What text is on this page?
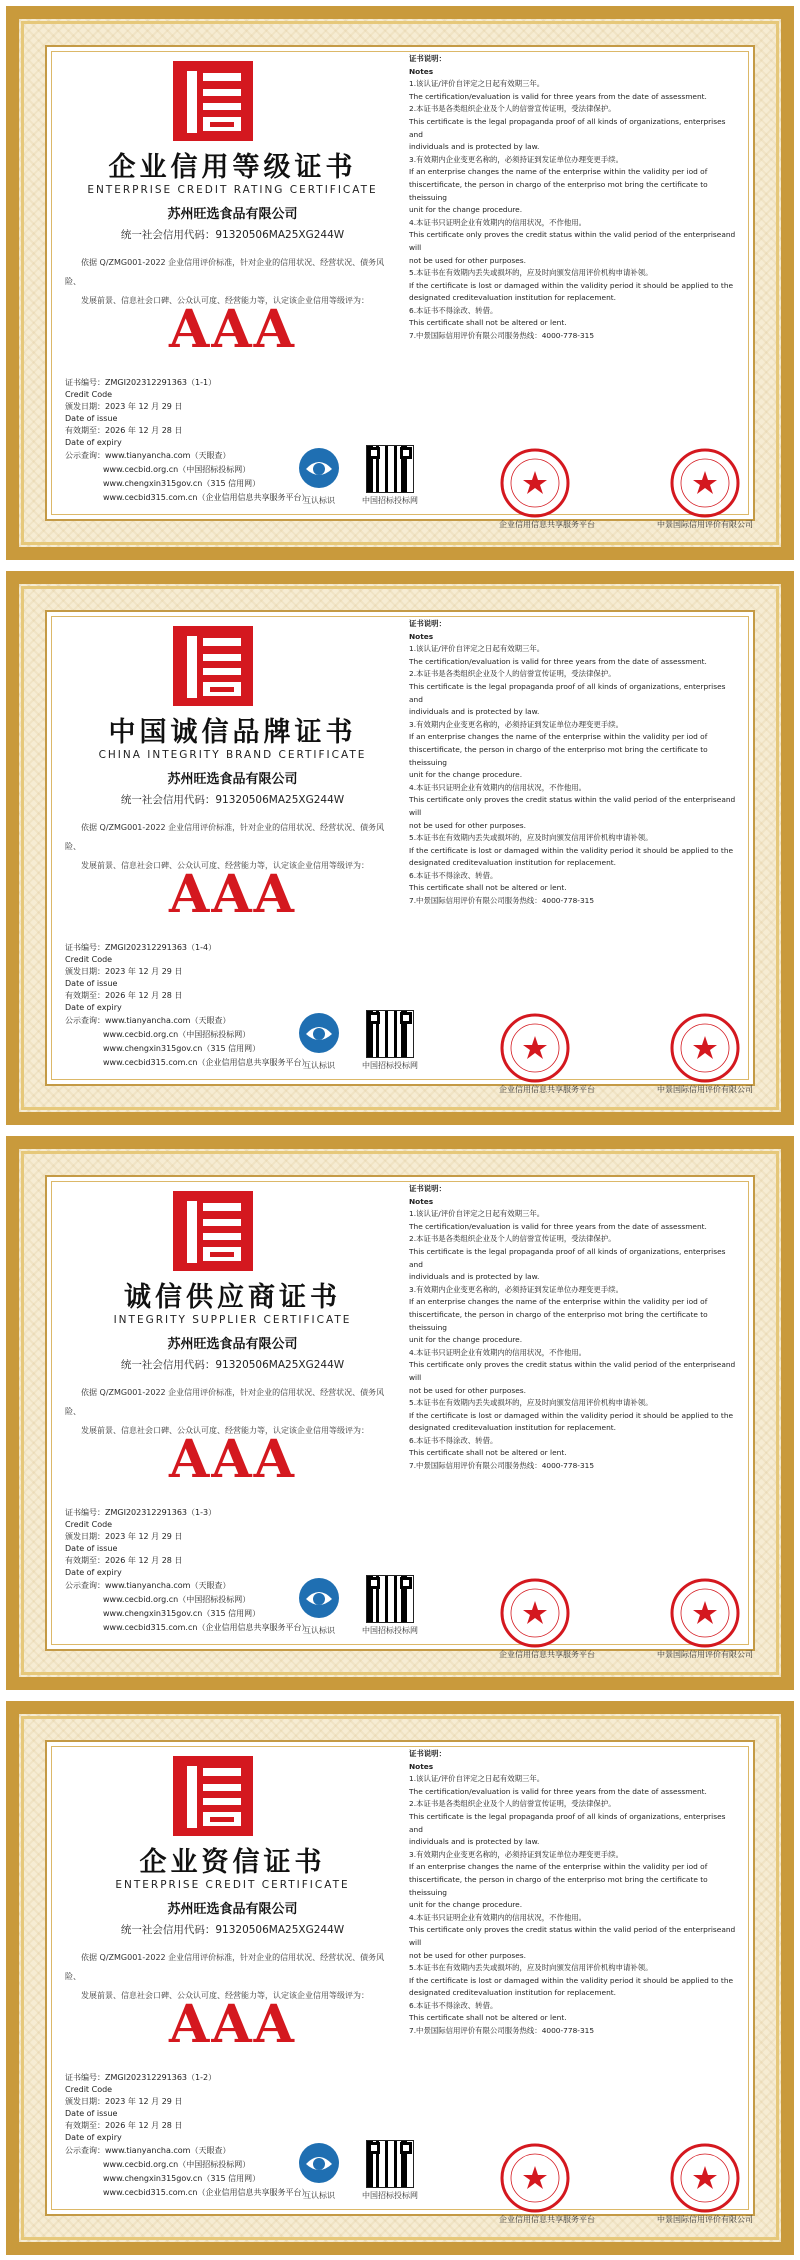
企业信用等级证书
ENTERPRISE CREDIT RATING CERTIFICATE
苏州旺选食品有限公司
统一社会信用代码：91320506MA25XG244W
依据 Q/ZMG001-2022 企业信用评价标准，针对企业的信用状况、经营状况、债务风险、
发展前景、信息社会口碑、公众认可度、经营能力等，认定该企业信用等级评为：
AAA
证书编号：ZMGI202312291363（1-1）
Credit Code
颁发日期：2023 年 12 月 29 日
Date of issue
有效期至：2026 年 12 月 28 日
Date of expiry
公示查询：www.tianyancha.com（天眼查）
www.cecbid.org.cn（中国招标投标网）
www.chengxin315gov.cn（315 信用网）
www.cecbid315.com.cn（企业信用信息共享服务平台）
互认标识	中国招标投标网
证书说明：
Notes
1.该认证/评价自评定之日起有效期三年。
The certification/evaluation is valid for three years from the date of assessment.
2.本证书是各类组织企业及个人的信誉宣传证明，受法律保护。
This certificate is the legal propaganda proof of all kinds of organizations, enterprises and
individuals and is protected by law.
3.有效期内企业变更名称的，必须持证到发证单位办理变更手续。
If an enterprise changes the name of the enterprise within the validity per iod of
thiscertificate, the person in chargo of the enterpriso mot bring the certificate to theissuing
unit for the change procedure.
4.本证书只证明企业有效期内的信用状况，不作他用。
This certificate only proves the credit status within the valid period of the enterpriseand will
not be used for other purposes.
5.本证书在有效期内丢失或损坏的，应及时向颁发信用评价机构申请补领。
If the certificate is lost or damaged within the validity period it should be applied to the
designated creditevaluation institution for replacement.
6.本证书不得涂改、转借。
This certificate shall not be altered or lent.
7.中景国际信用评价有限公司服务热线：4000-778-315
企业信用信息共享服务平台	中景国际信用评价有限公司
中国诚信品牌证书
CHINA INTEGRITY BRAND CERTIFICATE
苏州旺选食品有限公司
统一社会信用代码：91320506MA25XG244W
依据 Q/ZMG001-2022 企业信用评价标准，针对企业的信用状况、经营状况、债务风险、
发展前景、信息社会口碑、公众认可度、经营能力等，认定该企业信用等级评为：
AAA
证书编号：ZMGI202312291363（1-4）
Credit Code
颁发日期：2023 年 12 月 29 日
Date of issue
有效期至：2026 年 12 月 28 日
Date of expiry
公示查询：www.tianyancha.com（天眼查）
www.cecbid.org.cn（中国招标投标网）
www.chengxin315gov.cn（315 信用网）
www.cecbid315.com.cn（企业信用信息共享服务平台）
互认标识	中国招标投标网
证书说明：
Notes
1.该认证/评价自评定之日起有效期三年。
The certification/evaluation is valid for three years from the date of assessment.
2.本证书是各类组织企业及个人的信誉宣传证明，受法律保护。
This certificate is the legal propaganda proof of all kinds of organizations, enterprises and
individuals and is protected by law.
3.有效期内企业变更名称的，必须持证到发证单位办理变更手续。
If an enterprise changes the name of the enterprise within the validity per iod of
thiscertificate, the person in chargo of the enterpriso mot bring the certificate to theissuing
unit for the change procedure.
4.本证书只证明企业有效期内的信用状况，不作他用。
This certificate only proves the credit status within the valid period of the enterpriseand will
not be used for other purposes.
5.本证书在有效期内丢失或损坏的，应及时向颁发信用评价机构申请补领。
If the certificate is lost or damaged within the validity period it should be applied to the
designated creditevaluation institution for replacement.
6.本证书不得涂改、转借。
This certificate shall not be altered or lent.
7.中景国际信用评价有限公司服务热线：4000-778-315
企业信用信息共享服务平台	中景国际信用评价有限公司
诚信供应商证书
INTEGRITY SUPPLIER CERTIFICATE
苏州旺选食品有限公司
统一社会信用代码：91320506MA25XG244W
依据 Q/ZMG001-2022 企业信用评价标准，针对企业的信用状况、经营状况、债务风险、
发展前景、信息社会口碑、公众认可度、经营能力等，认定该企业信用等级评为：
AAA
证书编号：ZMGI202312291363（1-3）
Credit Code
颁发日期：2023 年 12 月 29 日
Date of issue
有效期至：2026 年 12 月 28 日
Date of expiry
公示查询：www.tianyancha.com（天眼查）
www.cecbid.org.cn（中国招标投标网）
www.chengxin315gov.cn（315 信用网）
www.cecbid315.com.cn（企业信用信息共享服务平台）
互认标识	中国招标投标网
证书说明：
Notes
1.该认证/评价自评定之日起有效期三年。
The certification/evaluation is valid for three years from the date of assessment.
2.本证书是各类组织企业及个人的信誉宣传证明，受法律保护。
This certificate is the legal propaganda proof of all kinds of organizations, enterprises and
individuals and is protected by law.
3.有效期内企业变更名称的，必须持证到发证单位办理变更手续。
If an enterprise changes the name of the enterprise within the validity per iod of
thiscertificate, the person in chargo of the enterpriso mot bring the certificate to theissuing
unit for the change procedure.
4.本证书只证明企业有效期内的信用状况，不作他用。
This certificate only proves the credit status within the valid period of the enterpriseand will
not be used for other purposes.
5.本证书在有效期内丢失或损坏的，应及时向颁发信用评价机构申请补领。
If the certificate is lost or damaged within the validity period it should be applied to the
designated creditevaluation institution for replacement.
6.本证书不得涂改、转借。
This certificate shall not be altered or lent.
7.中景国际信用评价有限公司服务热线：4000-778-315
企业信用信息共享服务平台	中景国际信用评价有限公司
企业资信证书
ENTERPRISE CREDIT CERTIFICATE
苏州旺选食品有限公司
统一社会信用代码：91320506MA25XG244W
依据 Q/ZMG001-2022 企业信用评价标准，针对企业的信用状况、经营状况、债务风险、
发展前景、信息社会口碑、公众认可度、经营能力等，认定该企业信用等级评为：
AAA
证书编号：ZMGI202312291363（1-2）
Credit Code
颁发日期：2023 年 12 月 29 日
Date of issue
有效期至：2026 年 12 月 28 日
Date of expiry
公示查询：www.tianyancha.com（天眼查）
www.cecbid.org.cn（中国招标投标网）
www.chengxin315gov.cn（315 信用网）
www.cecbid315.com.cn（企业信用信息共享服务平台）
互认标识	中国招标投标网
证书说明：
Notes
1.该认证/评价自评定之日起有效期三年。
The certification/evaluation is valid for three years from the date of assessment.
2.本证书是各类组织企业及个人的信誉宣传证明，受法律保护。
This certificate is the legal propaganda proof of all kinds of organizations, enterprises and
individuals and is protected by law.
3.有效期内企业变更名称的，必须持证到发证单位办理变更手续。
If an enterprise changes the name of the enterprise within the validity per iod of
thiscertificate, the person in chargo of the enterpriso mot bring the certificate to theissuing
unit for the change procedure.
4.本证书只证明企业有效期内的信用状况，不作他用。
This certificate only proves the credit status within the valid period of the enterpriseand will
not be used for other purposes.
5.本证书在有效期内丢失或损坏的，应及时向颁发信用评价机构申请补领。
If the certificate is lost or damaged within the validity period it should be applied to the
designated creditevaluation institution for replacement.
6.本证书不得涂改、转借。
This certificate shall not be altered or lent.
7.中景国际信用评价有限公司服务热线：4000-778-315
企业信用信息共享服务平台	中景国际信用评价有限公司
